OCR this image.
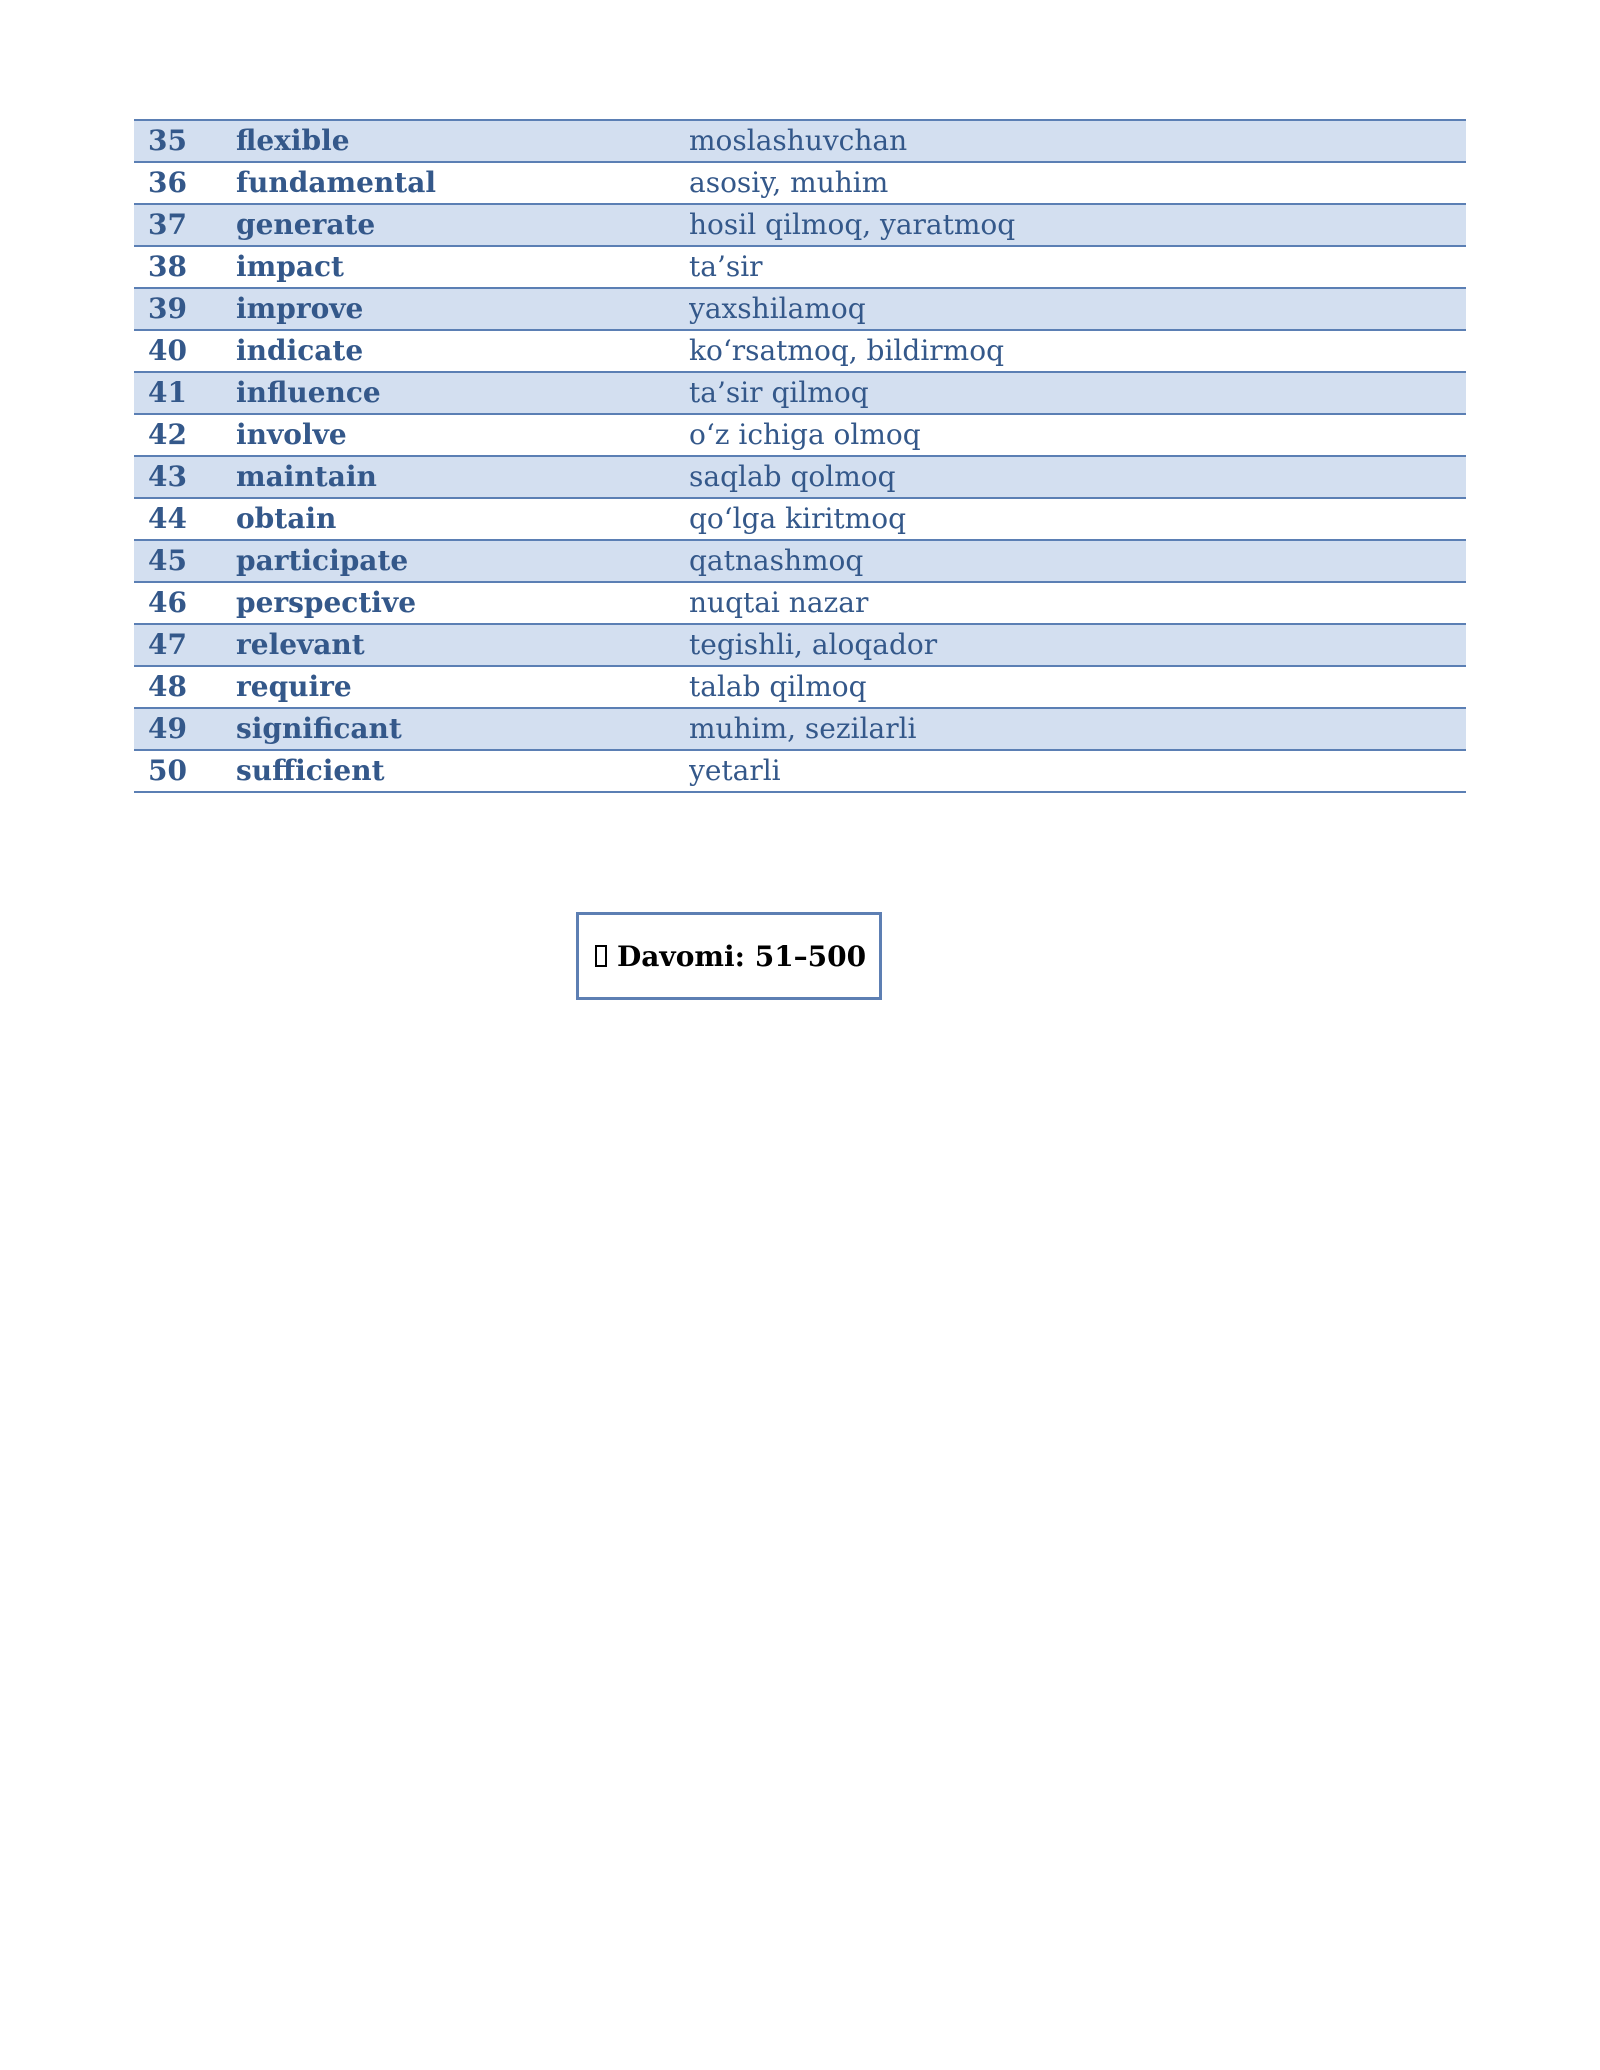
35	flexible	moslashuvchan
36	fundamental	asosiy, muhim
37	generate	hosil qilmoq, yaratmoq
38	impact	ta’sir
39	improve	yaxshilamoq
40	indicate	ko‘rsatmoq, bildirmoq
41	influence	ta’sir qilmoq
42	involve	o‘z ichiga olmoq
43	maintain	saqlab qolmoq
44	obtain	qo‘lga kiritmoq
45	participate	qatnashmoq
46	perspective	nuqtai nazar
47	relevant	tegishli, aloqador
48	require	talab qilmoq
49	significant	muhim, sezilarli
50	sufficient	yetarli
Davomi: 51–500
